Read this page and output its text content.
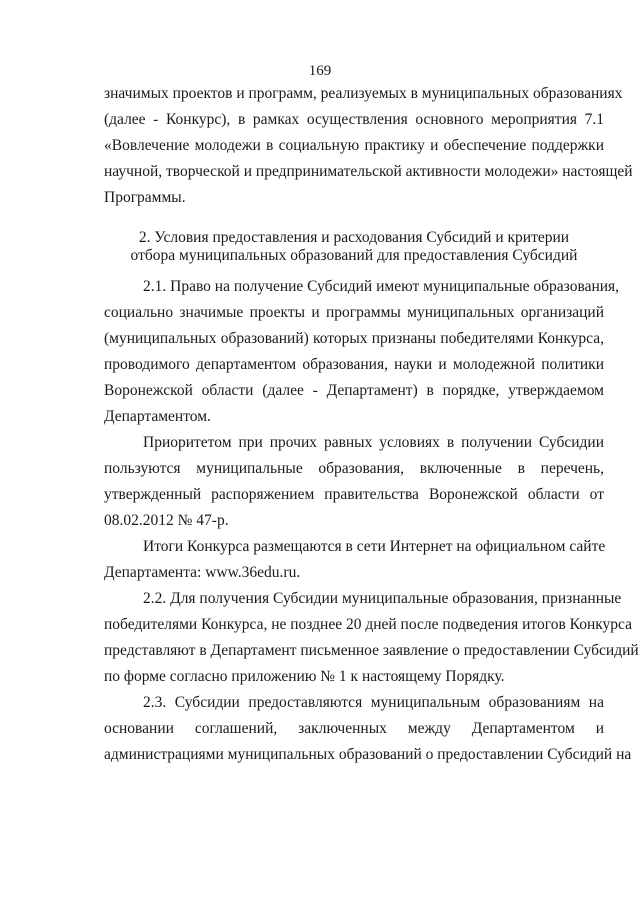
169
значимых проектов и программ, реализуемых в муниципальных образованиях
(далее - Конкурс), в рамках осуществления основного мероприятия 7.1
«Вовлечение молодежи в социальную практику и обеспечение поддержки
научной, творческой и предпринимательской активности молодежи» настоящей
Программы.
2. Условия предоставления и расходования Субсидий и критерии
отбора муниципальных образований для предоставления Субсидий
2.1. Право на получение Субсидий имеют муниципальные образования,
социально значимые проекты и программы муниципальных организаций
(муниципальных образований) которых признаны победителями Конкурса,
проводимого департаментом образования, науки и молодежной политики
Воронежской области (далее - Департамент) в порядке, утверждаемом
Департаментом.
Приоритетом при прочих равных условиях в получении Субсидии
пользуются муниципальные образования, включенные в перечень,
утвержденный распоряжением правительства Воронежской области от
08.02.2012 № 47-р.
Итоги Конкурса размещаются в сети Интернет на официальном сайте
Департамента: www.36edu.ru.
2.2. Для получения Субсидии муниципальные образования, признанные
победителями Конкурса, не позднее 20 дней после подведения итогов Конкурса
представляют в Департамент письменное заявление о предоставлении Субсидий
по форме согласно приложению № 1 к настоящему Порядку.
2.3. Субсидии предоставляются муниципальным образованиям на
основании соглашений, заключенных между Департаментом и
администрациями муниципальных образований о предоставлении Субсидий на
